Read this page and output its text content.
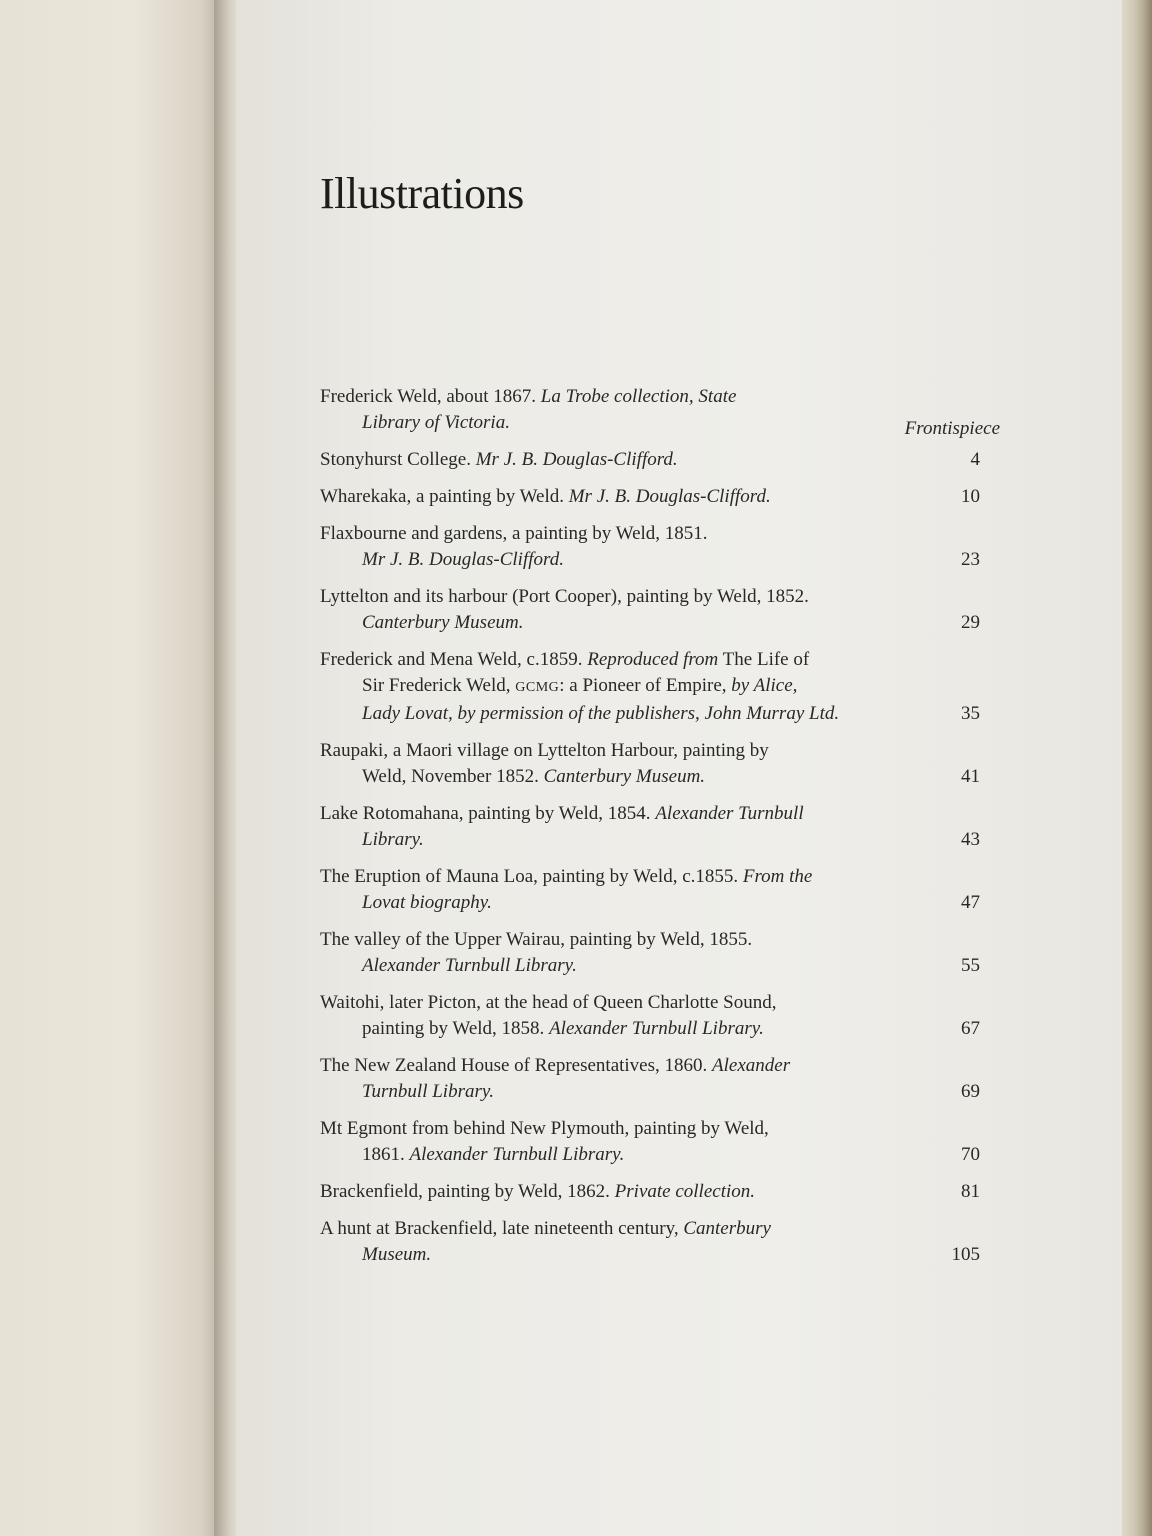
Illustrations
Frederick Weld, about 1867. La Trobe collection, State
Library of Victoria.	Frontispiece
Stonyhurst College. Mr J. B. Douglas-Clifford.	4
Wharekaka, a painting by Weld. Mr J. B. Douglas-Clifford.	10
Flaxbourne and gardens, a painting by Weld, 1851.
Mr J. B. Douglas-Clifford.	23
Lyttelton and its harbour (Port Cooper), painting by Weld, 1852.
Canterbury Museum.	29
Frederick and Mena Weld, c.1859. Reproduced from The Life of
Sir Frederick Weld, GCMG: a Pioneer of Empire, by Alice,
Lady Lovat, by permission of the publishers, John Murray Ltd.	35
Raupaki, a Maori village on Lyttelton Harbour, painting by
Weld, November 1852. Canterbury Museum.	41
Lake Rotomahana, painting by Weld, 1854. Alexander Turnbull
Library.	43
The Eruption of Mauna Loa, painting by Weld, c.1855. From the
Lovat biography.	47
The valley of the Upper Wairau, painting by Weld, 1855.
Alexander Turnbull Library.	55
Waitohi, later Picton, at the head of Queen Charlotte Sound,
painting by Weld, 1858. Alexander Turnbull Library.	67
The New Zealand House of Representatives, 1860. Alexander
Turnbull Library.	69
Mt Egmont from behind New Plymouth, painting by Weld,
1861. Alexander Turnbull Library.	70
Brackenfield, painting by Weld, 1862. Private collection.	81
A hunt at Brackenfield, late nineteenth century, Canterbury
Museum.	105
